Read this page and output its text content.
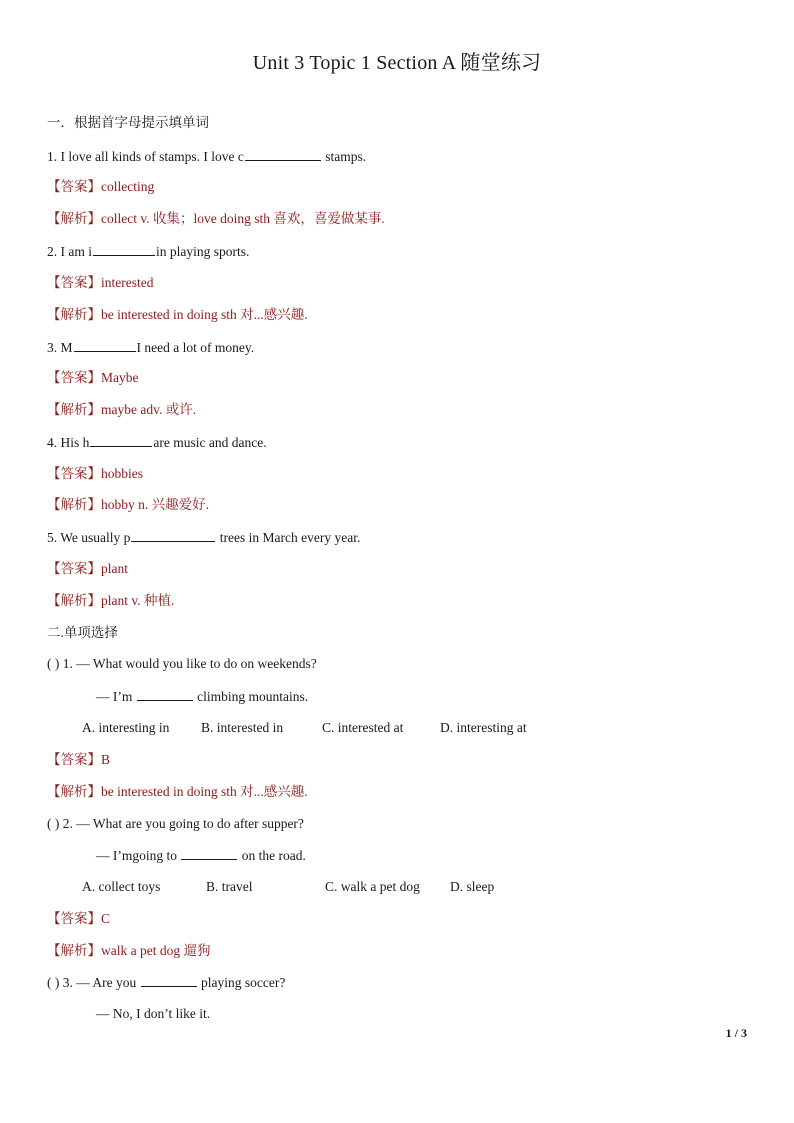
Unit 3 Topic 1 Section A 随堂练习
一．根据首字母提示填单词
1. I love all kinds of stamps. I love c	stamps.
【答案】collecting
【解析】collect v. 收集；love doing sth 喜欢，喜爱做某事.
2. I am i	in playing sports.
【答案】interested
【解析】be interested in doing sth 对...感兴趣.
3. M	I need a lot of money.
【答案】Maybe
【解析】maybe adv. 或许.
4. His h	are music and dance.
【答案】hobbies
【解析】hobby n. 兴趣爱好.
5. We usually p	trees in March every year.
【答案】plant
【解析】plant v. 种植.
二.单项选择
( ) 1. — What would you like to do on weekends?
— I’m	climbing mountains.
A. interesting in B. interested in	C. interested at	D. interesting at
【答案】B
【解析】be interested in doing sth 对...感兴趣.
( ) 2. — What are you going to do after supper?
— I’mgoing to	on the road.
A. collect toys	B. travel	C. walk a pet dog D. sleep
【答案】C
【解析】walk a pet dog 遛狗
( ) 3. — Are you	playing soccer?
— No, I don’t like it.
1 / 3
